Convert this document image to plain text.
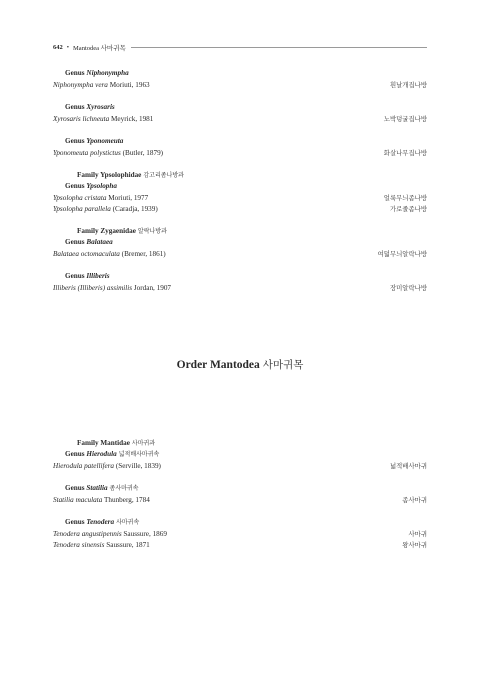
642 • Mantodea 사마귀목
Genus Niphonympha
Niphonympha vera Moriuti, 1963	흰날개집나방
Genus Xyrosaris
Xyrosaris lichneuta Meyrick, 1981	노박덩굴집나방
Genus Yponomeuta
Yponomeuta polystictus (Butler, 1879)	화살나무집나방
Family Ypsolophidae 감고리좀나방과
Genus Ypsolopha
Ypsolopha cristata Moriuti, 1977	얼룩무늬좀나방
Ypsolopha parallela (Caradja, 1939)	가로줄좀나방
Family Zygaenidae 알락나방과
Genus Balataea
Balataea octomaculata (Bremer, 1861)	여덟무늬알락나방
Genus Illiberis
Illiberis (Illiberis) assimilis Jordan, 1907	장미알락나방
Order Mantodea 사마귀목
Family Mantidae 사마귀과
Genus Hierodula 넓적배사마귀속
Hierodula patellifera (Serville, 1839)	넓적배사마귀
Genus Statilia 좀사마귀속
Statilia maculata Thunberg, 1784	좀사마귀
Genus Tenodera 사마귀속
Tenodera angustipennis Saussure, 1869	사마귀
Tenodera sinensis Saussure, 1871	왕사마귀
